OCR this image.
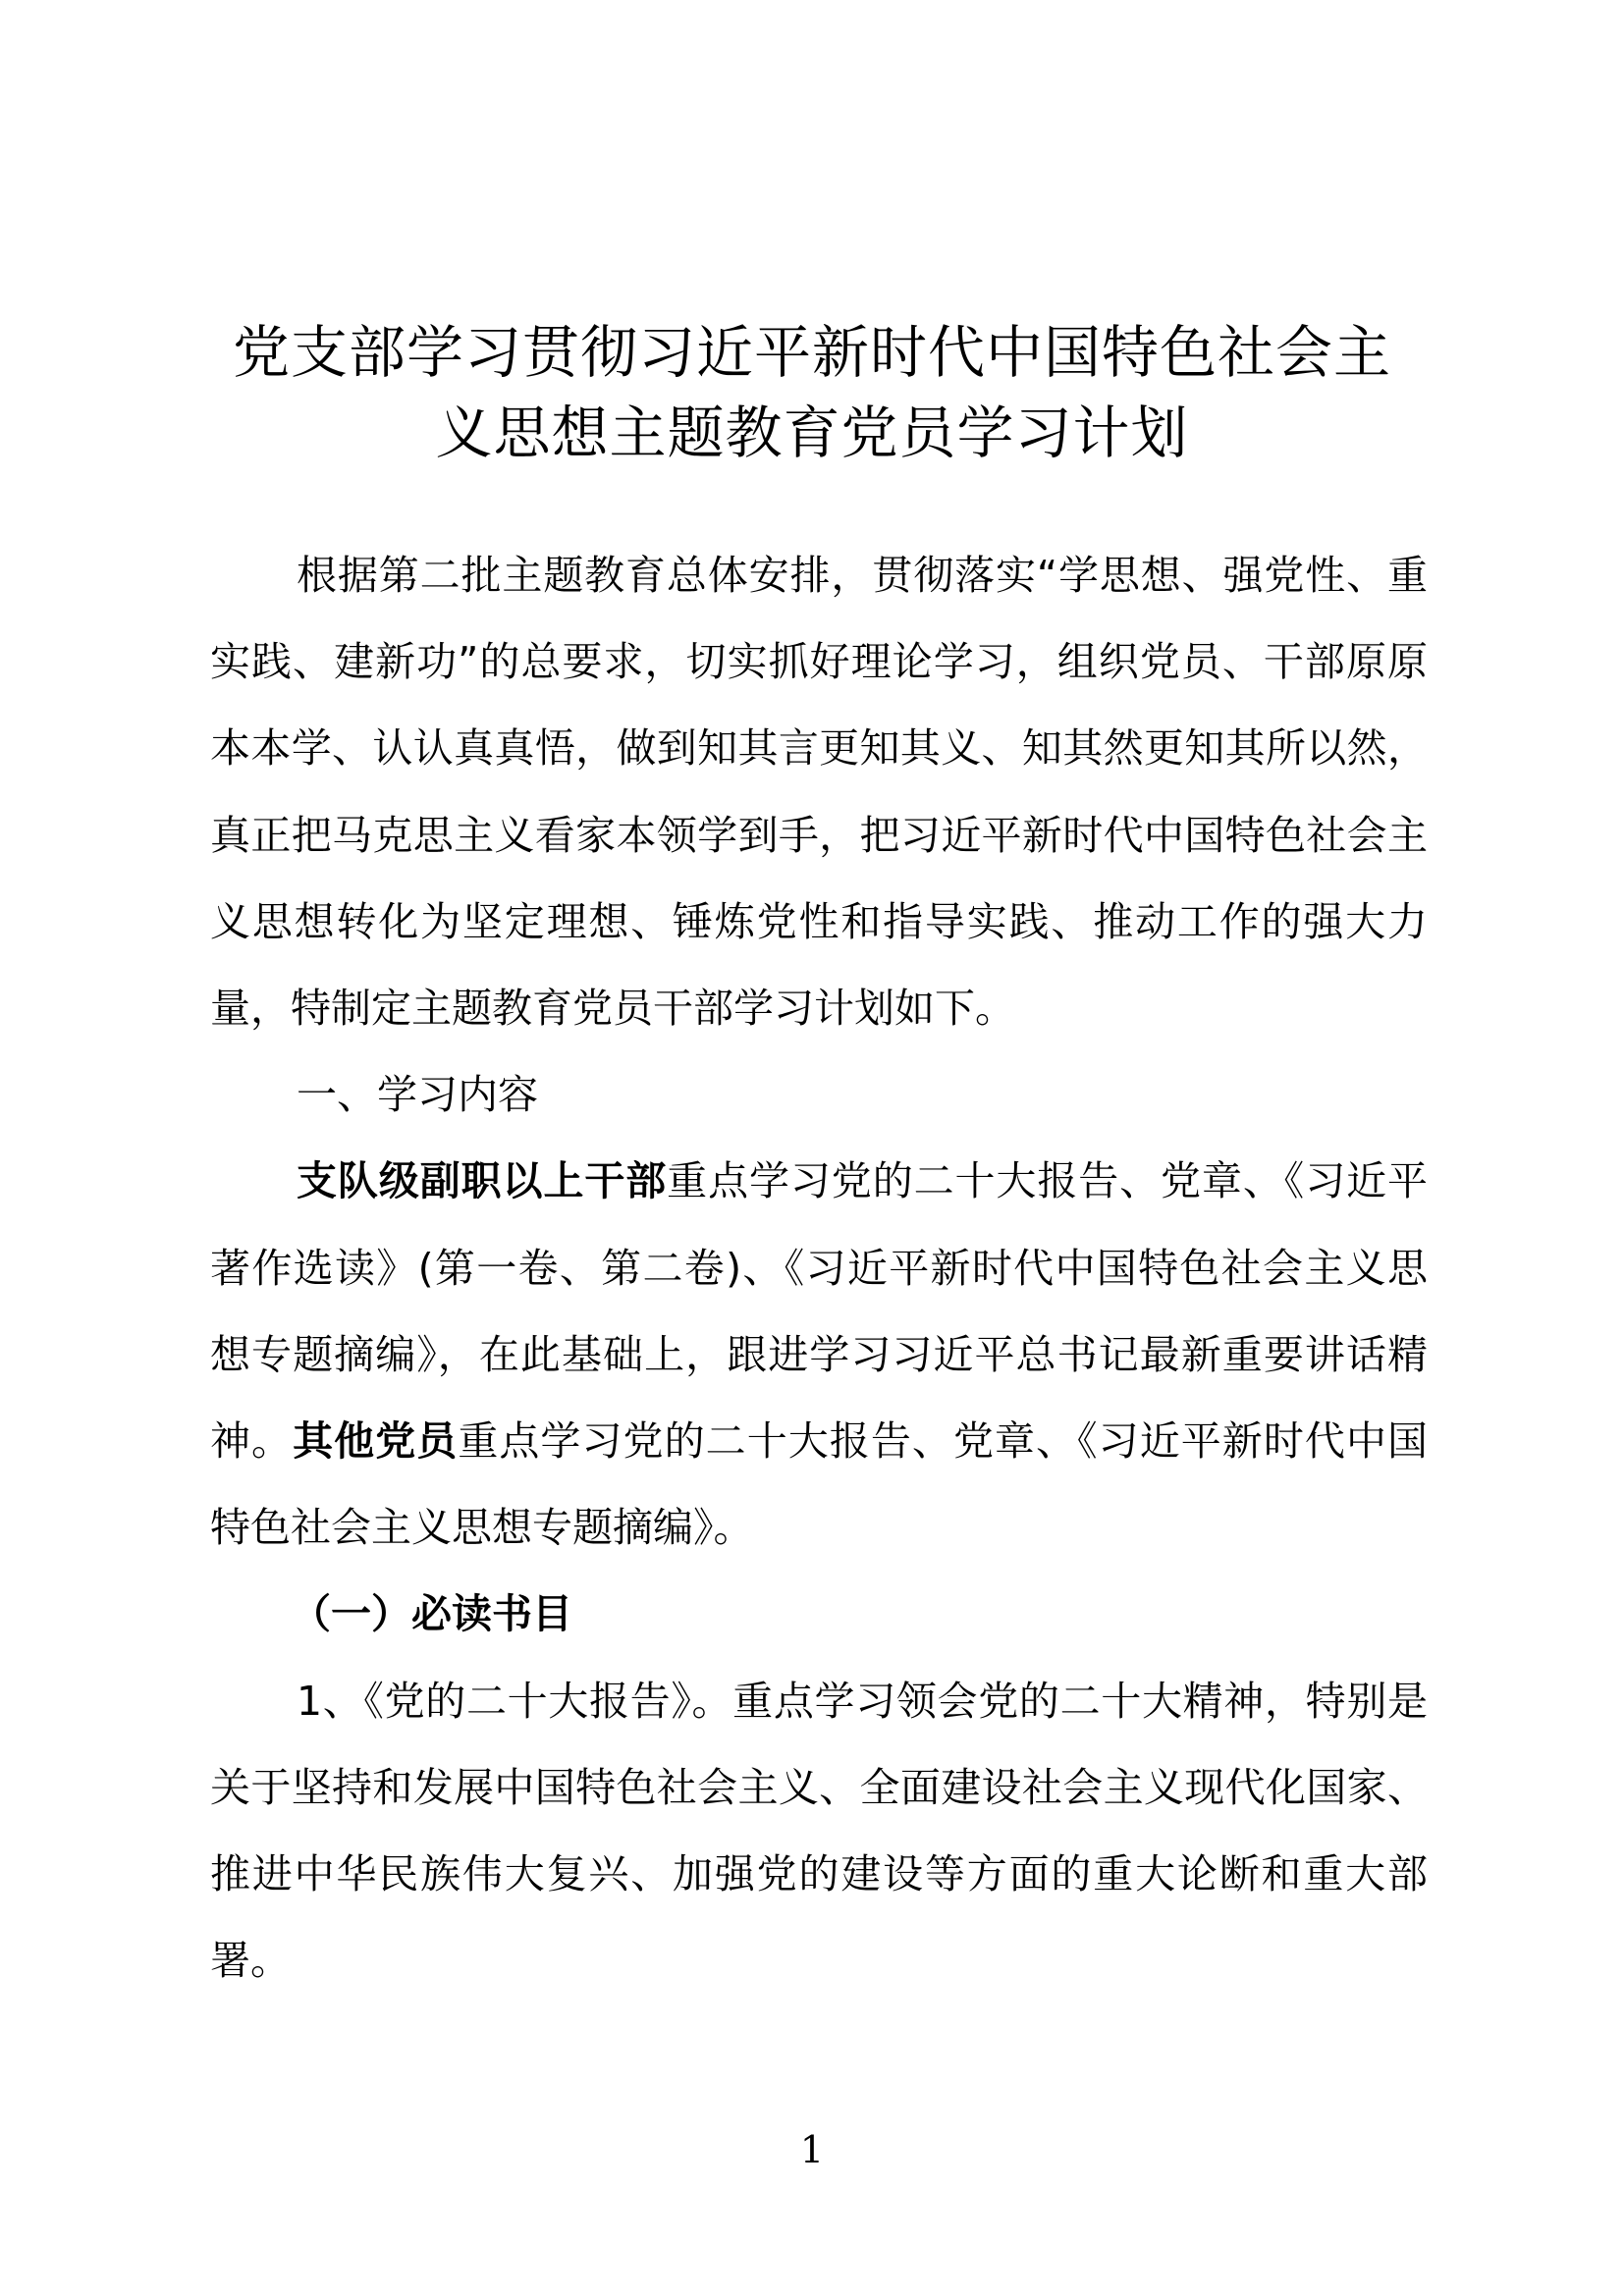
党支部学习贯彻习近平新时代中国特色社会主
义思想主题教育党员学习计划

根据第二批主题教育总体安排，贯彻落实“学思想、强党性、重实践、建新功”的总要求，切实抓好理论学习，组织党员、干部原原本本学、认认真真悟，做到知其言更知其义、知其然更知其所以然，真正把马克思主义看家本领学到手，把习近平新时代中国特色社会主义思想转化为坚定理想、锤炼党性和指导实践、推动工作的强大力量，特制定主题教育党员干部学习计划如下。

一、学习内容

支队级副职以上干部重点学习党的二十大报告、党章、《习近平著作选读》(第一卷、第二卷)、《习近平新时代中国特色社会主义思想专题摘编》，在此基础上，跟进学习习近平总书记最新重要讲话精神。其他党员重点学习党的二十大报告、党章、《习近平新时代中国特色社会主义思想专题摘编》。

（一）必读书目

1、《党的二十大报告》。重点学习领会党的二十大精神，特别是关于坚持和发展中国特色社会主义、全面建设社会主义现代化国家、推进中华民族伟大复兴、加强党的建设等方面的重大论断和重大部署。

1
